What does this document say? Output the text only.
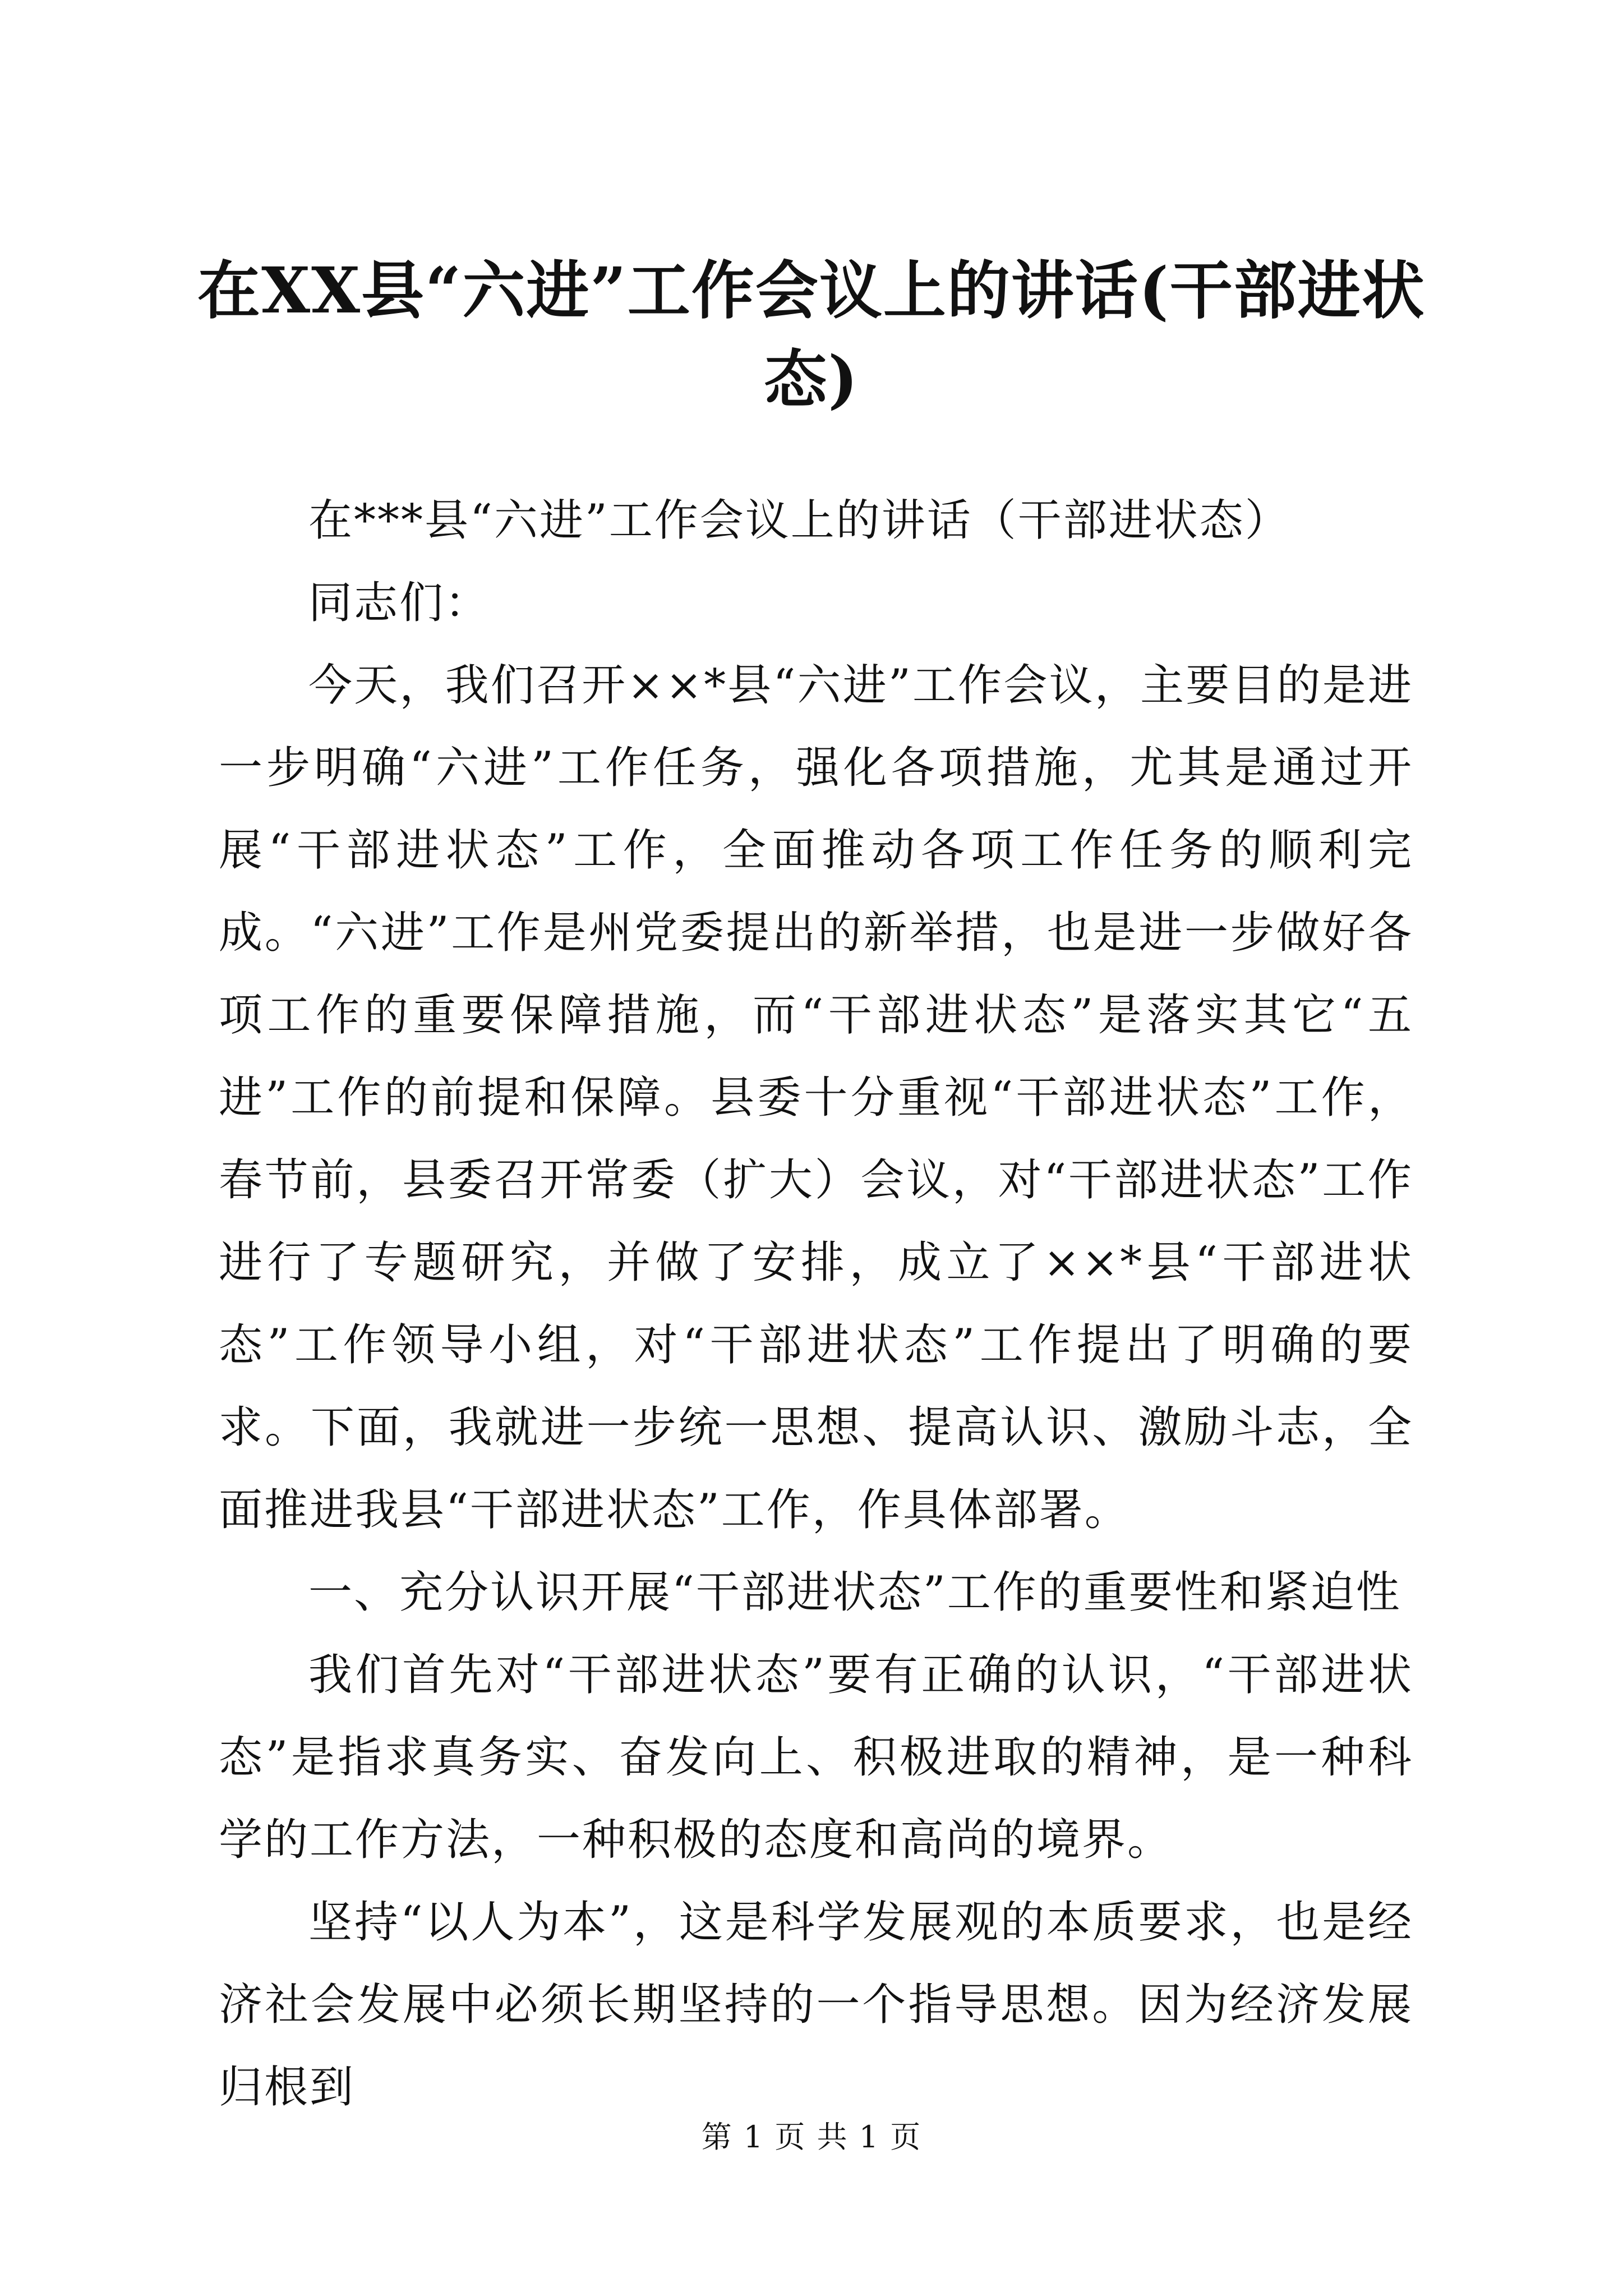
在XX县“六进”工作会议上的讲话(干部进状态)

在***县“六进”工作会议上的讲话（干部进状态）

同志们：

今天，我们召开××*县“六进”工作会议，主要目的是进一步明确“六进”工作任务，强化各项措施，尤其是通过开展“干部进状态”工作，全面推动各项工作任务的顺利完成。“六进”工作是州党委提出的新举措，也是进一步做好各项工作的重要保障措施，而“干部进状态”是落实其它“五进”工作的前提和保障。县委十分重视“干部进状态”工作，春节前，县委召开常委（扩大）会议，对“干部进状态”工作进行了专题研究，并做了安排，成立了××*县“干部进状态”工作领导小组，对“干部进状态”工作提出了明确的要求。下面，我就进一步统一思想、提高认识、激励斗志，全面推进我县“干部进状态”工作，作具体部署。

一、充分认识开展“干部进状态”工作的重要性和紧迫性

我们首先对“干部进状态”要有正确的认识，“干部进状态”是指求真务实、奋发向上、积极进取的精神，是一种科学的工作方法，一种积极的态度和高尚的境界。

坚持“以人为本”，这是科学发展观的本质要求，也是经济社会发展中必须长期坚持的一个指导思想。因为经济发展归根到

第 1 页 共 1 页
